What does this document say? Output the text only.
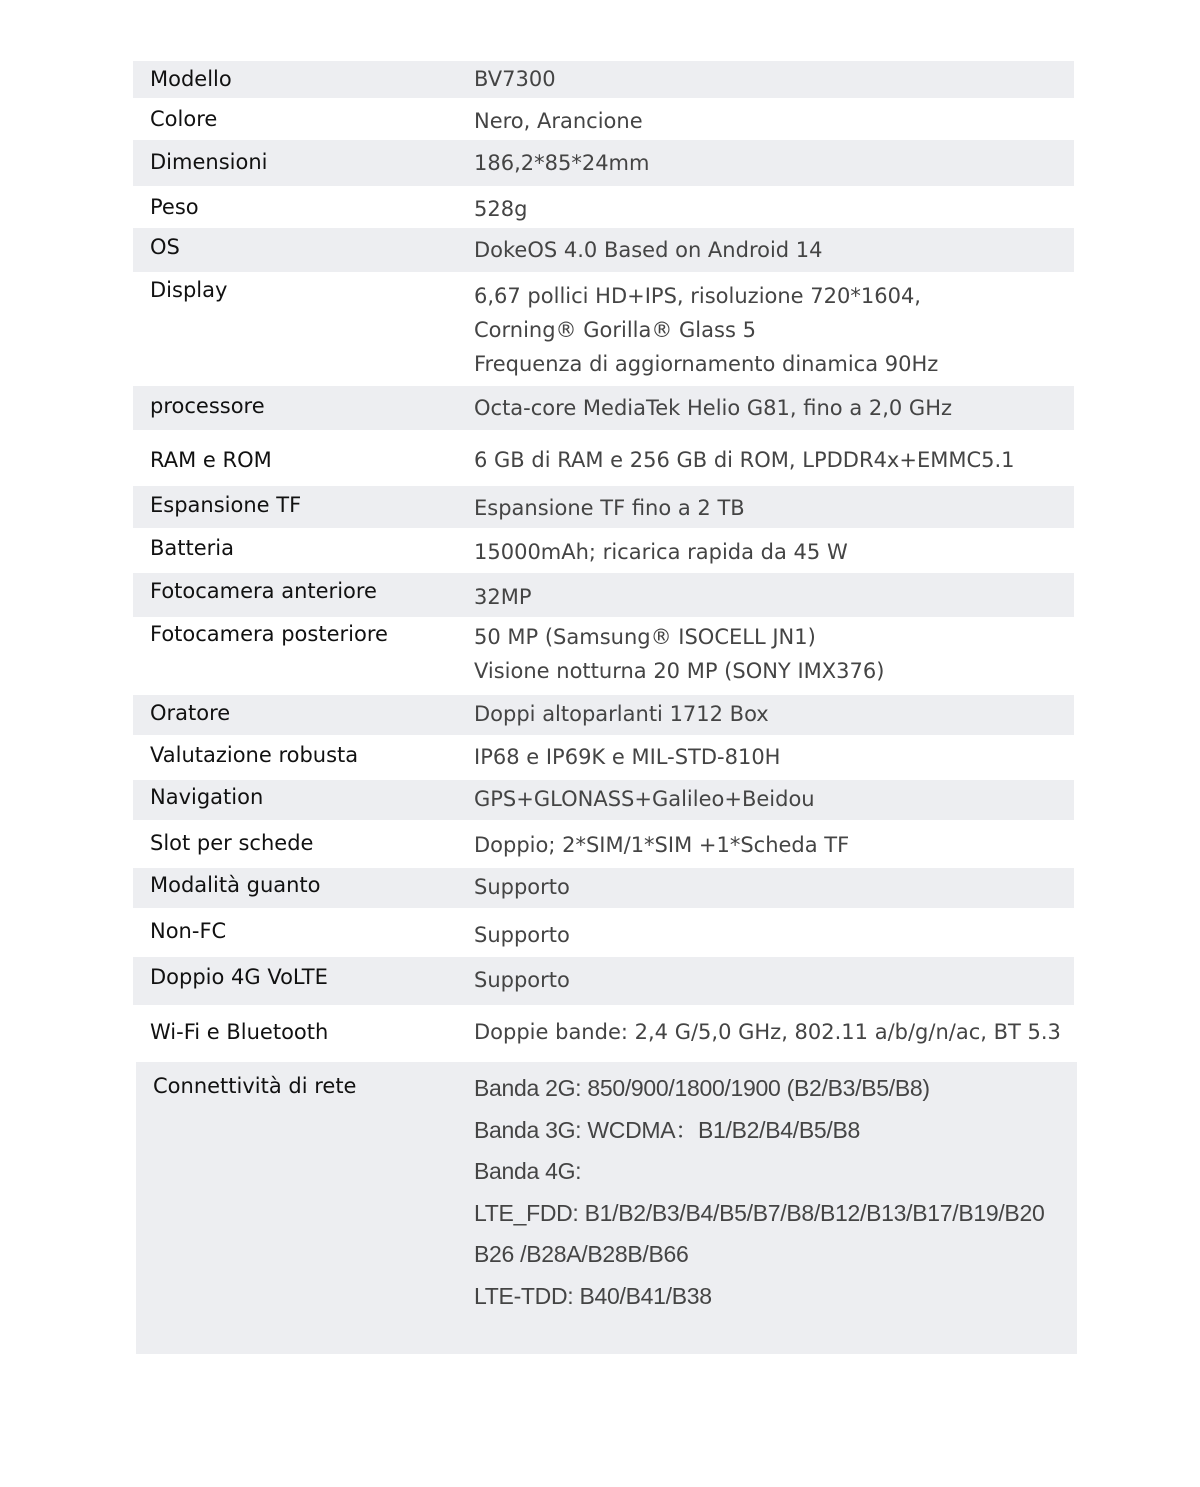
Modello	BV7300
Colore	Nero, Arancione
Dimensioni	186,2*85*24mm
Peso	528g
OS	DokeOS 4.0 Based on Android 14
Display	6,67 pollici HD+IPS, risoluzione 720*1604,
Corning® Gorilla® Glass 5
Frequenza di aggiornamento dinamica 90Hz
processore	Octa-core MediaTek Helio G81, fino a 2,0 GHz
RAM e ROM	6 GB di RAM e 256 GB di ROM, LPDDR4x+EMMC5.1
Espansione TF	Espansione TF fino a 2 TB
Batteria	15000mAh; ricarica rapida da 45 W
Fotocamera anteriore	32MP
Fotocamera posteriore	50 MP (Samsung® ISOCELL JN1)
Visione notturna 20 MP (SONY IMX376)
Oratore	Doppi altoparlanti 1712 Box
Valutazione robusta	IP68 e IP69K e MIL-STD-810H
Navigation	GPS+GLONASS+Galileo+Beidou
Slot per schede	Doppio; 2*SIM/1*SIM +1*Scheda TF
Modalità guanto	Supporto
Non-FC	Supporto
Doppio 4G VoLTE	Supporto
Wi-Fi e Bluetooth	Doppie bande: 2,4 G/5,0 GHz, 802.11 a/b/g/n/ac, BT 5.3
Connettività di rete	Banda 2G: 850/900/1800/1900 (B2/B3/B5/B8)
Banda 3G: WCDMA：B1/B2/B4/B5/B8
Banda 4G:
LTE_FDD: B1/B2/B3/B4/B5/B7/B8/B12/B13/B17/B19/B20
B26 /B28A/B28B/B66
LTE-TDD: B40/B41/B38
